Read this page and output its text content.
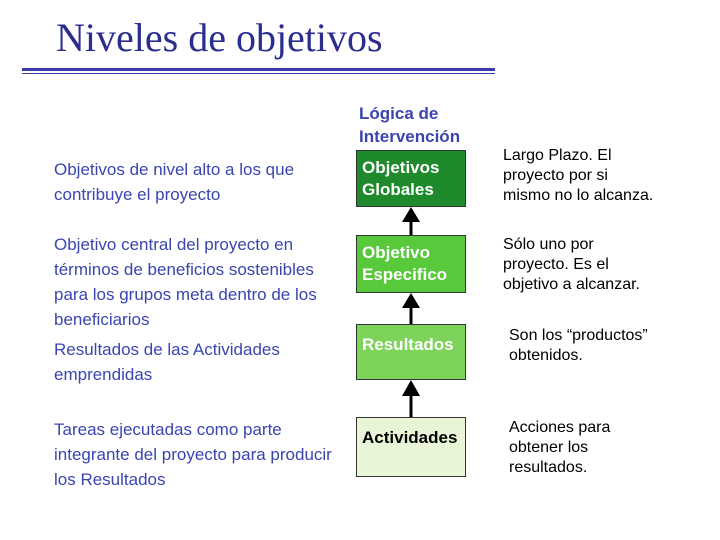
Niveles de objetivos
Objetivos de nivel alto a los que
contribuye el proyecto
Objetivo central del proyecto en
términos de beneficios sostenibles
para los grupos meta dentro de los
beneficiarios
Resultados de las Actividades
emprendidas
Tareas ejecutadas como parte
integrante del proyecto para producir
los Resultados
Lógica de
Intervención
Objetivos
Globales
Objetivo
Especifico
Resultados
Actividades
Largo Plazo. El
proyecto por si
mismo no lo alcanza.
Sólo uno por
proyecto. Es el
objetivo a alcanzar.
Son los “productos”
obtenidos.
Acciones para
obtener los
resultados.
